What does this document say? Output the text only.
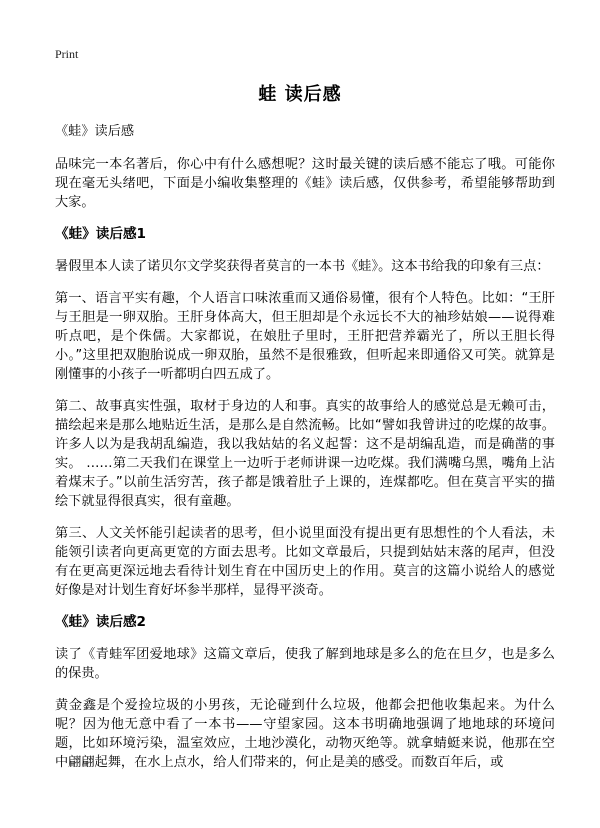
Print
蛙 读后感

《蛙》读后感

品味完一本名著后，你心中有什么感想呢？这时最关键的读后感不能忘了哦。可能你现在毫无头绪吧，下面是小编收集整理的《蛙》读后感，仅供参考，希望能够帮助到大家。

《蛙》读后感1

暑假里本人读了诺贝尔文学奖获得者莫言的一本书《蛙》。这本书给我的印象有三点：

第一、语言平实有趣，个人语言口味浓重而又通俗易懂，很有个人特色。比如：“王肝与王胆是一卵双胎。王肝身体高大，但王胆却是个永远长不大的袖珍姑娘——说得难听点吧，是个侏儒。大家都说，在娘肚子里时，王肝把营养霸光了，所以王胆长得小。”这里把双胞胎说成一卵双胎，虽然不是很雅致，但听起来即通俗又可笑。就算是刚懂事的小孩子一听都明白四五成了。

第二、故事真实性强，取材于身边的人和事。真实的故事给人的感觉总是无赖可击，描绘起来是那么地贴近生活，是那么是自然流畅。比如“譬如我曾讲过的吃煤的故事。许多人以为是我胡乱编造，我以我姑姑的名义起誓：这不是胡编乱造，而是确凿的事实。 ……第二天我们在课堂上一边听于老师讲课一边吃煤。我们满嘴乌黑，嘴角上沾着煤末子。”以前生活穷苦，孩子都是饿着肚子上课的，连煤都吃。但在莫言平实的描绘下就显得很真实，很有童趣。

第三、人文关怀能引起读者的思考，但小说里面没有提出更有思想性的个人看法，未能领引读者向更高更宽的方面去思考。比如文章最后，只提到姑姑末落的尾声，但没有在更高更深远地去看待计划生育在中国历史上的作用。莫言的这篇小说给人的感觉好像是对计划生育好坏参半那样，显得平淡奇。

《蛙》读后感2

读了《青蛙军团爱地球》这篇文章后，使我了解到地球是多么的危在旦夕，也是多么的保贵。

黄金鑫是个爱捡垃圾的小男孩，无论碰到什么垃圾，他都会把他收集起来。为什么呢？因为他无意中看了一本书——守望家园。这本书明确地强调了地地球的环境问题，比如环境污染，温室效应，土地沙漠化，动物灭绝等。就拿蜻蜓来说，他那在空中翩翩起舞，在水上点水，给人们带来的，何止是美的感受。而数百年后，或
